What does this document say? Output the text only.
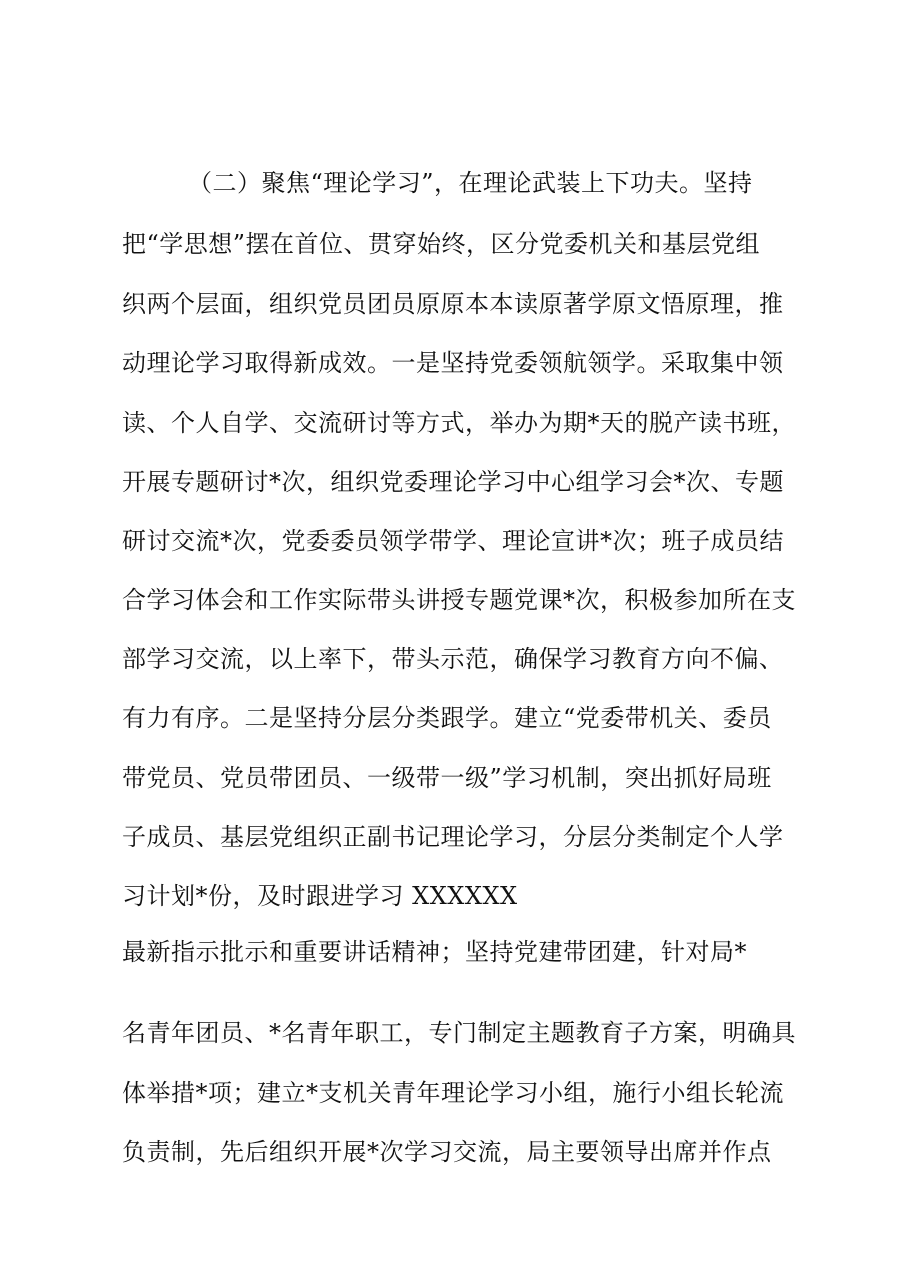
（二）聚焦“理论学习”，在理论武装上下功夫。坚持
把“学思想”摆在首位、贯穿始终，区分党委机关和基层党组
织两个层面，组织党员团员原原本本读原著学原文悟原理，推
动理论学习取得新成效。一是坚持党委领航领学。采取集中领
读、个人自学、交流研讨等方式，举办为期*天的脱产读书班，
开展专题研讨*次，组织党委理论学习中心组学习会*次、专题
研讨交流*次，党委委员领学带学、理论宣讲*次；班子成员结
合学习体会和工作实际带头讲授专题党课*次，积极参加所在支
部学习交流，以上率下，带头示范，确保学习教育方向不偏、
有力有序。二是坚持分层分类跟学。建立“党委带机关、委员
带党员、党员带团员、一级带一级”学习机制，突出抓好局班
子成员、基层党组织正副书记理论学习，分层分类制定个人学
习计划*份，及时跟进学习 XXXXXX
最新指示批示和重要讲话精神；坚持党建带团建，针对局*
名青年团员、*名青年职工，专门制定主题教育子方案，明确具
体举措*项；建立*支机关青年理论学习小组，施行小组长轮流
负责制，先后组织开展*次学习交流，局主要领导出席并作点
